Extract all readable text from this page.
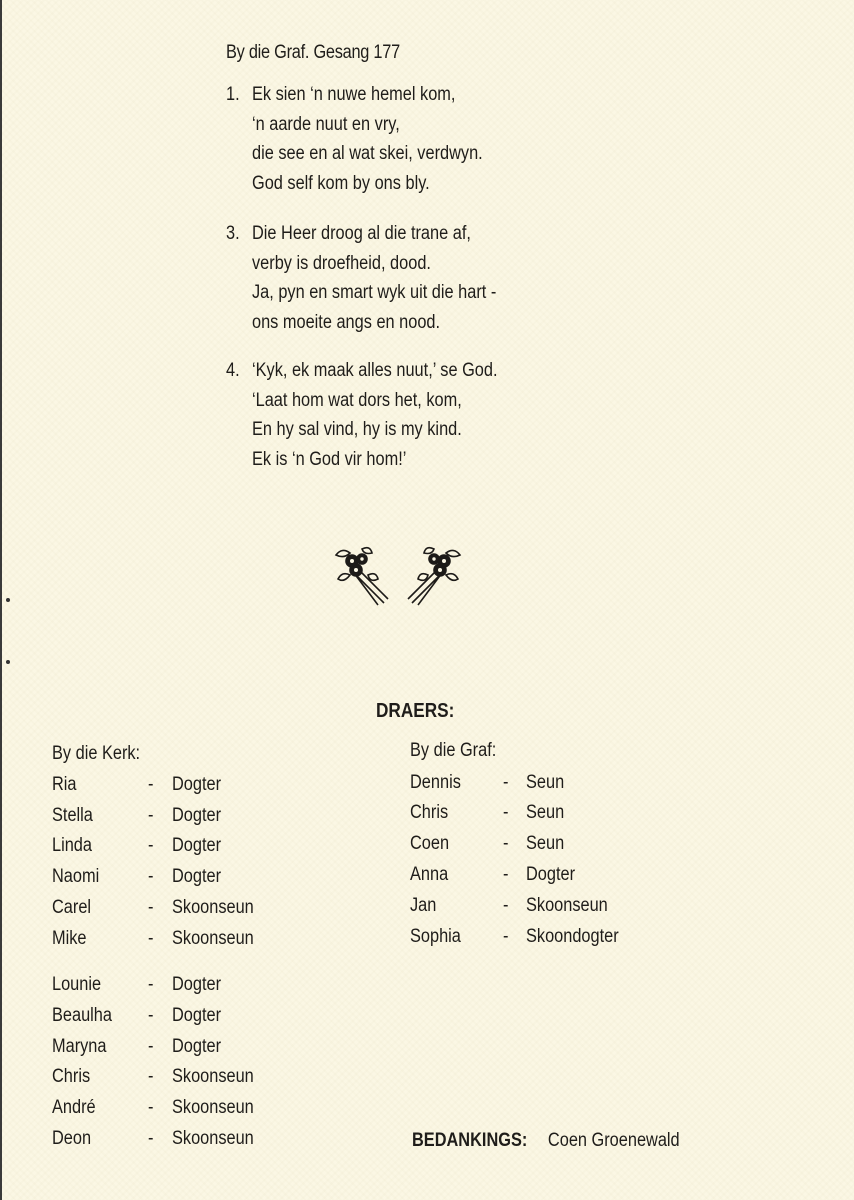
By die Graf. Gesang 177
1. Ek sien ‘n nuwe hemel kom,
‘n aarde nuut en vry,
die see en al wat skei, verdwyn.
God self kom by ons bly.
3. Die Heer droog al die trane af,
verby is droefheid, dood.
Ja, pyn en smart wyk uit die hart -
ons moeite angs en nood.
4. ‘Kyk, ek maak alles nuut,’ se God.
‘Laat hom wat dors het, kom,
En hy sal vind, hy is my kind.
Ek is ‘n God vir hom!’
DRAERS:
By die Kerk:	By die Graf:
Ria	- Dogter
Stella	- Dogter
Linda	- Dogter
Naomi	- Dogter
Carel	- Skoonseun
Mike	- Skoonseun
Lounie - Dogter
Beaulha - Dogter
Maryna - Dogter
Chris	- Skoonseun
André	- Skoonseun
Deon	- Skoonseun
Dennis - Seun
Chris	- Seun
Coen	- Seun
Anna	- Dogter
Jan	- Skoonseun
Sophia - Skoondogter
BEDANKINGS: Coen Groenewald
